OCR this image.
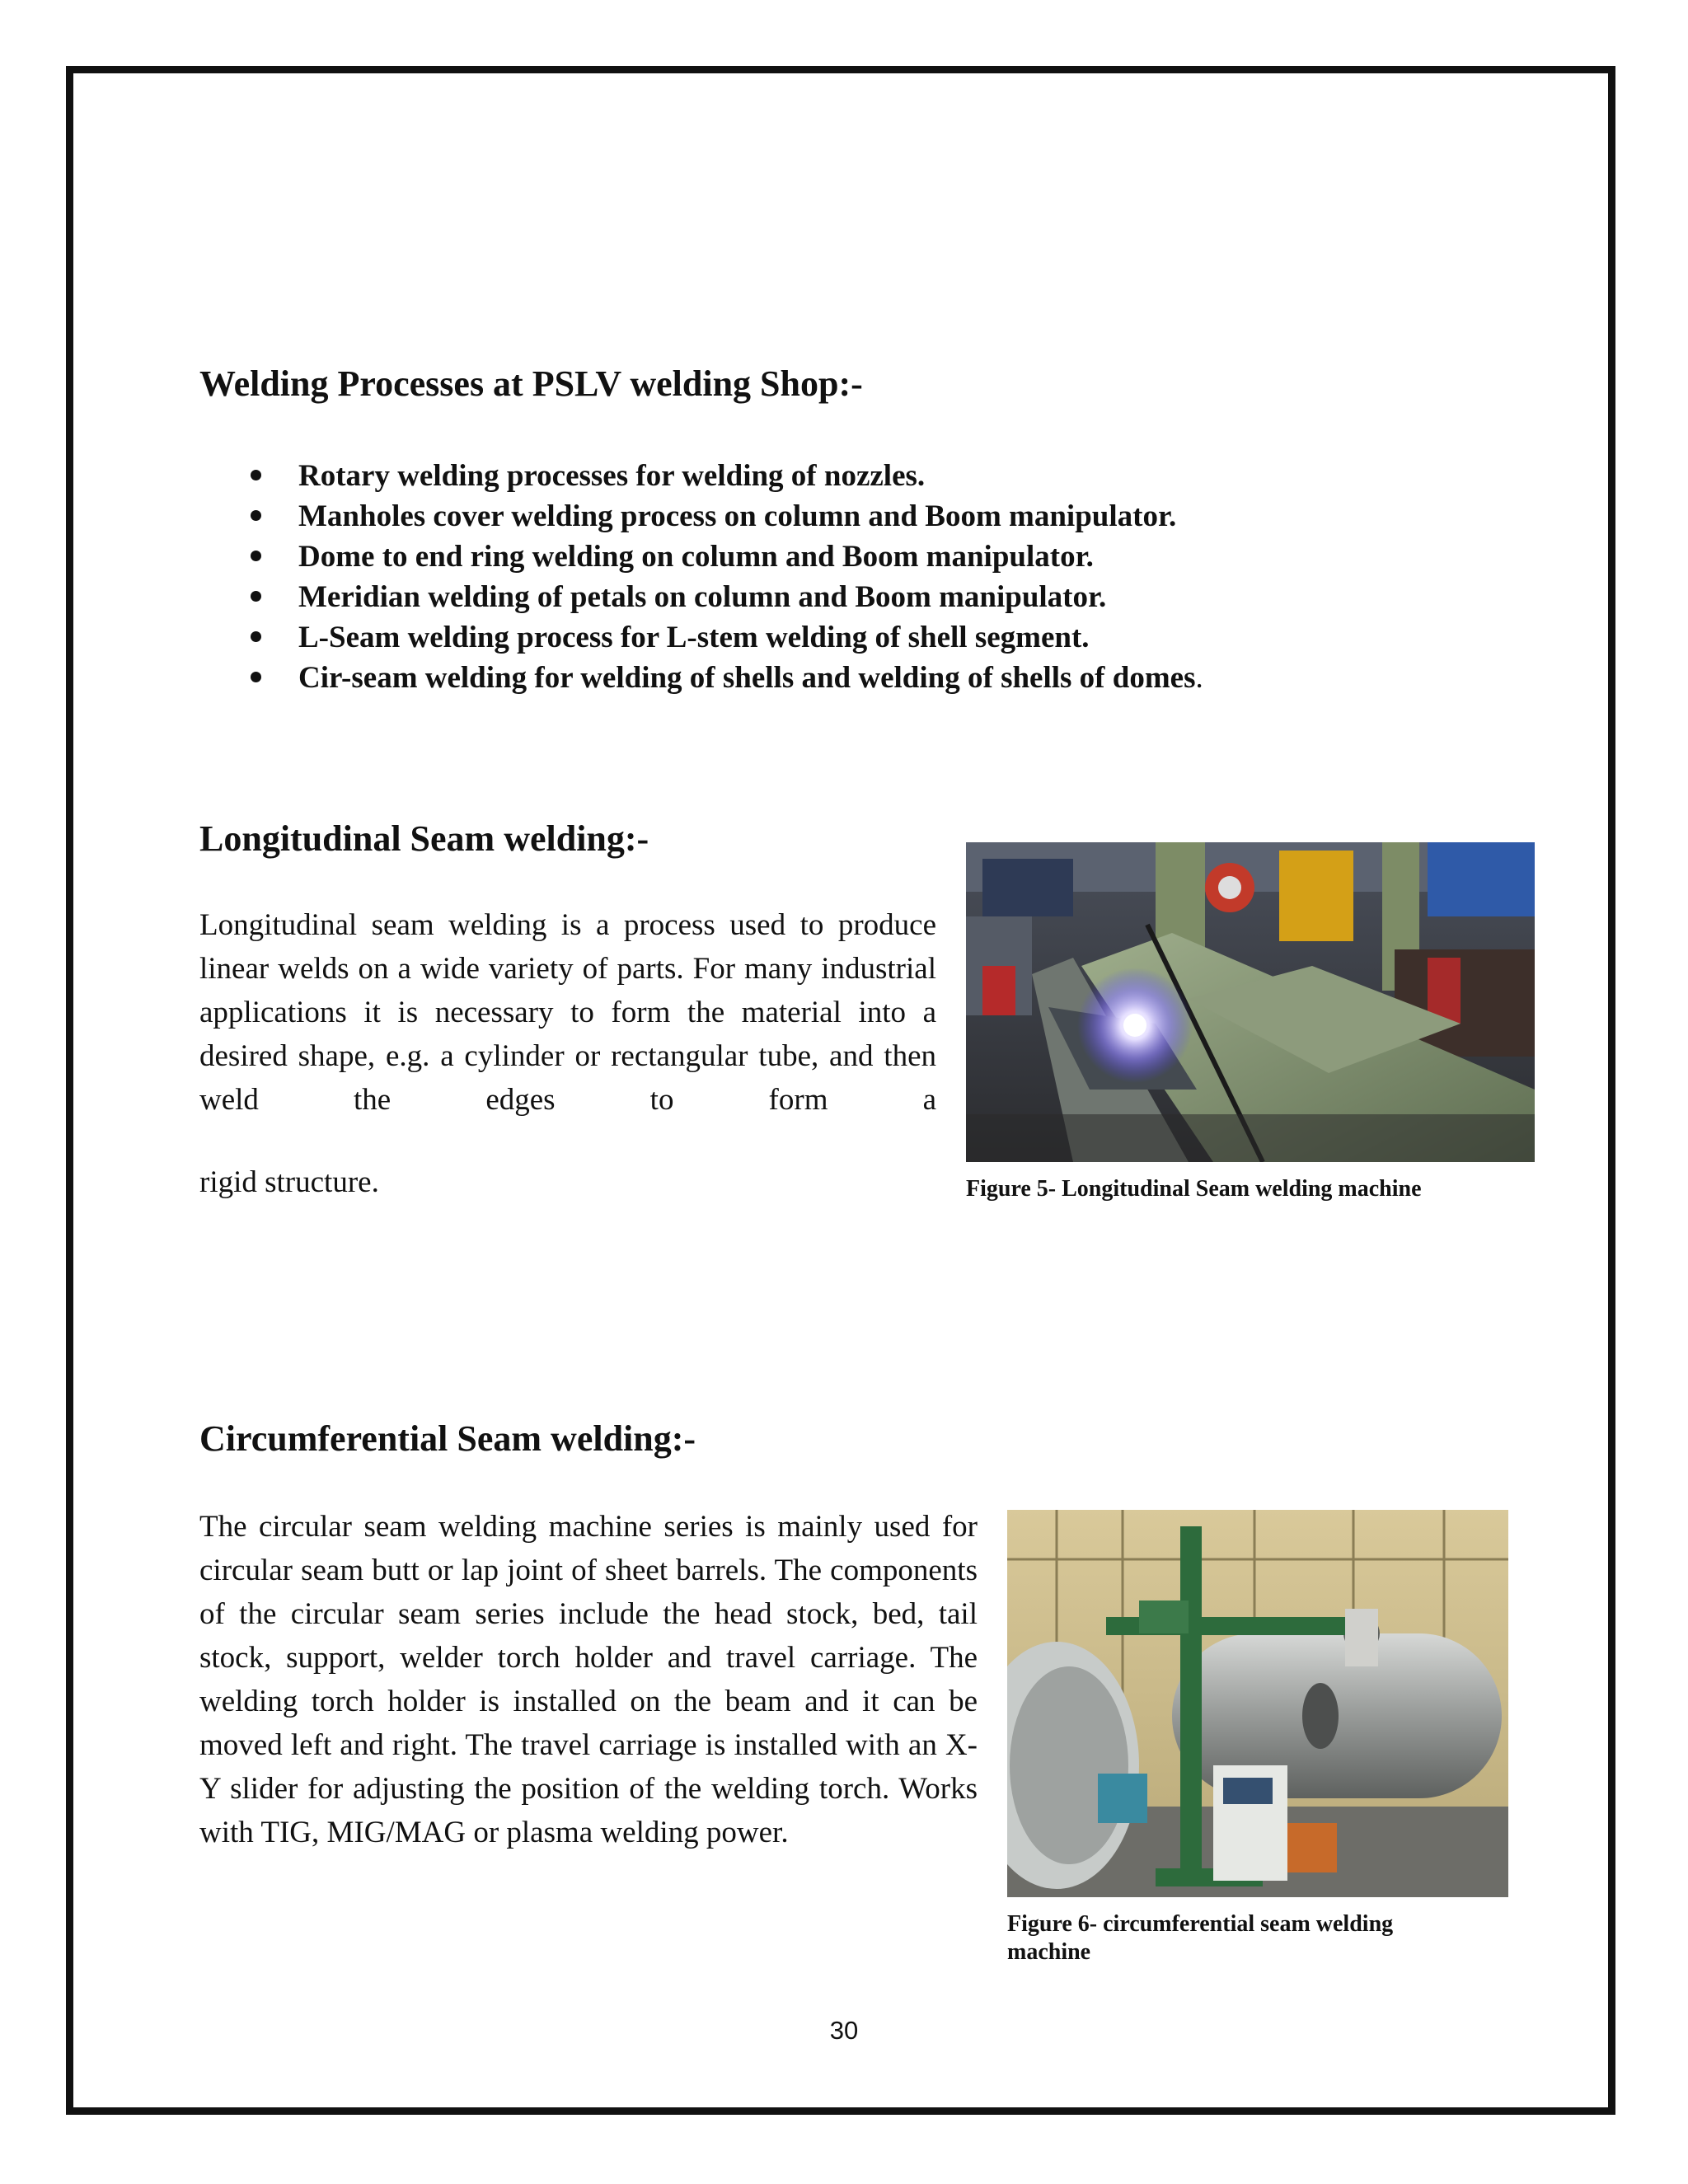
Welding Processes at PSLV welding Shop:-
Rotary welding processes for welding of nozzles.
Manholes cover welding process on column and Boom manipulator.
Dome to end ring welding on column and Boom manipulator.
Meridian welding of petals on column and Boom manipulator.
L-Seam welding process for L-stem welding of shell segment.
Cir-seam welding for welding of shells and welding of shells of domes.
Longitudinal Seam welding:-

Longitudinal seam welding is a process used to produce linear welds on a wide variety of parts. For many industrial applications it is necessary to form the material into a desired shape, e.g. a cylinder or rectangular tube, and then weld the edges to form a

rigid structure.	Figure 5- Longitudinal Seam welding machine

Circumferential Seam welding:-

The circular seam welding machine series is mainly used for circular seam butt or lap joint of sheet barrels. The components of the circular seam series include the head stock, bed, tail stock, support, welder torch holder and travel carriage. The welding torch holder is installed on the beam and it can be moved left and right. The travel carriage is installed with an X-Y slider for adjusting the position of the welding torch. Works with TIG, MIG/MAG or plasma welding power.

Figure 6- circumferential seam welding machine

30
